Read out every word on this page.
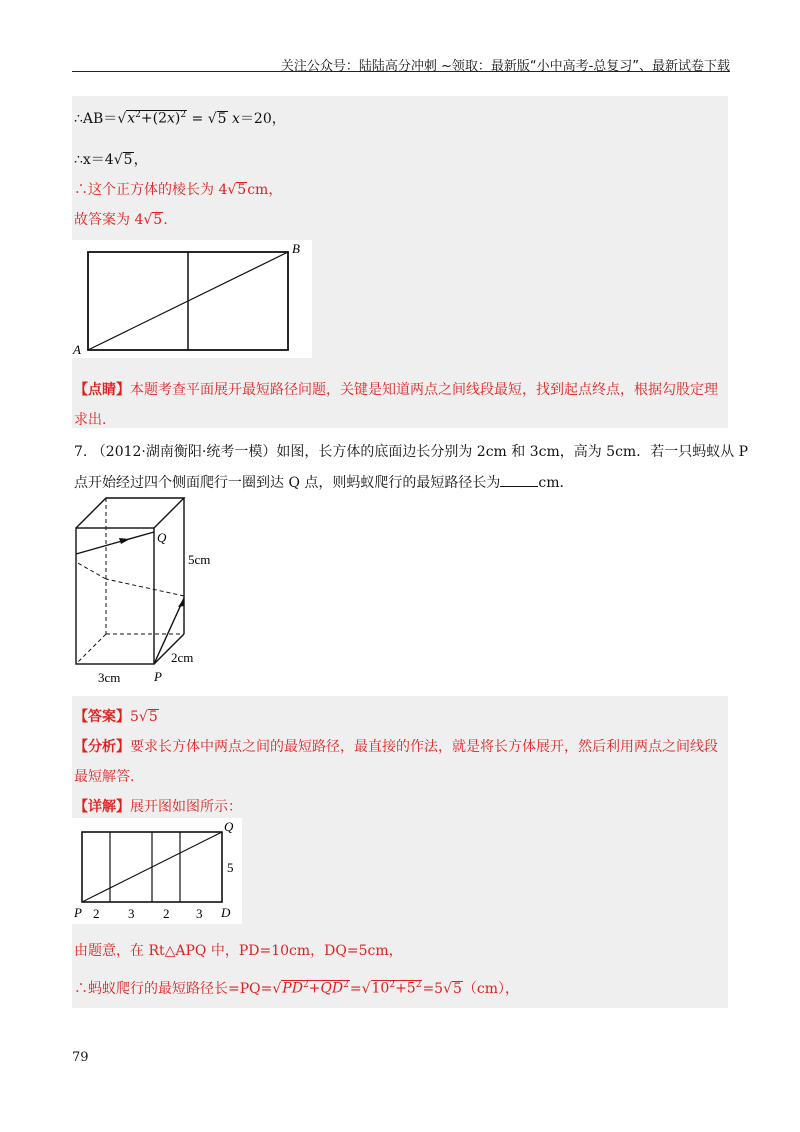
关注公众号：陆陆高分冲刺 ~领取：最新版“小中高考-总复习”、最新试卷下载
$\therefore AB=√x^2+(2x)^2 = √5$ x＝20，
∴x＝4√5，
∴这个正方体的棱长为 4√5cm，
故答案为 4√5.
A
B
【点睛】本题考查平面展开最短路径问题，关键是知道两点之间线段最短，找到起点终点，根据勾股定理
求出.
7. （2012·湖南衡阳·统考一模）如图，长方体的底面边长分别为 2cm 和 3cm，高为 5cm．若一只蚂蚁从 P
点开始经过四个侧面爬行一圈到达 Q 点，则蚂蚁爬行的最短路径长为	cm．
Q
5cm
3cm
2cm
P
【答案】5√5
【分析】要求长方体中两点之间的最短路径，最直接的作法，就是将长方体展开，然后利用两点之间线段
最短解答.
【详解】展开图如图所示：
Q
5
P 2 3 2 3 D
由题意，在 Rt△APQ 中，PD=10cm，DQ=5cm，
∴蚂蚁爬行的最短路径长$=PQ=√PD^2+QD^2=√10^2+5^2=5√5(cm)$，
79
